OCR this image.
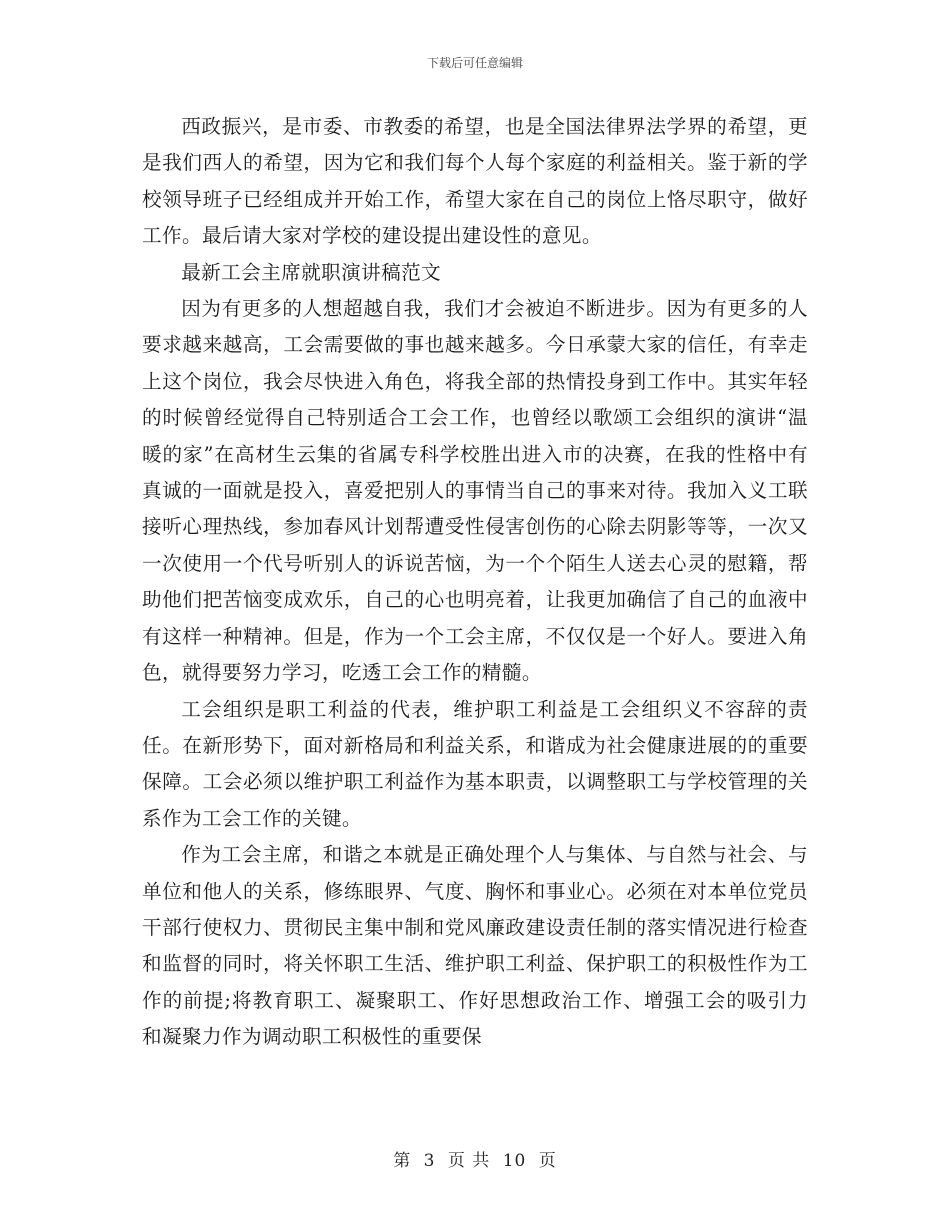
下载后可任意编辑

西政振兴，是市委、市教委的希望，也是全国法律界法学界的希望，更是我们西人的希望，因为它和我们每个人每个家庭的利益相关。鉴于新的学校领导班子已经组成并开始工作，希望大家在自己的岗位上恪尽职守，做好工作。最后请大家对学校的建设提出建设性的意见。

最新工会主席就职演讲稿范文

因为有更多的人想超越自我，我们才会被迫不断进步。因为有更多的人要求越来越高，工会需要做的事也越来越多。今日承蒙大家的信任，有幸走上这个岗位，我会尽快进入角色，将我全部的热情投身到工作中。其实年轻的时候曾经觉得自己特别适合工会工作，也曾经以歌颂工会组织的演讲“温暖的家”在高材生云集的省属专科学校胜出进入市的决赛，在我的性格中有真诚的一面就是投入，喜爱把别人的事情当自己的事来对待。我加入义工联接听心理热线，参加春风计划帮遭受性侵害创伤的心除去阴影等等，一次又一次使用一个代号听别人的诉说苦恼，为一个个陌生人送去心灵的慰籍，帮助他们把苦恼变成欢乐，自己的心也明亮着，让我更加确信了自己的血液中有这样一种精神。但是，作为一个工会主席，不仅仅是一个好人。要进入角色，就得要努力学习，吃透工会工作的精髓。

工会组织是职工利益的代表，维护职工利益是工会组织义不容辞的责任。在新形势下，面对新格局和利益关系，和谐成为社会健康进展的的重要保障。工会必须以维护职工利益作为基本职责，以调整职工与学校管理的关系作为工会工作的关键。

作为工会主席，和谐之本就是正确处理个人与集体、与自然与社会、与单位和他人的关系，修练眼界、气度、胸怀和事业心。必须在对本单位党员干部行使权力、贯彻民主集中制和党风廉政建设责任制的落实情况进行检查和监督的同时，将关怀职工生活、维护职工利益、保护职工的积极性作为工作的前提;将教育职工、凝聚职工、作好思想政治工作、增强工会的吸引力和凝聚力作为调动职工积极性的重要保

第 3 页 共 10 页
